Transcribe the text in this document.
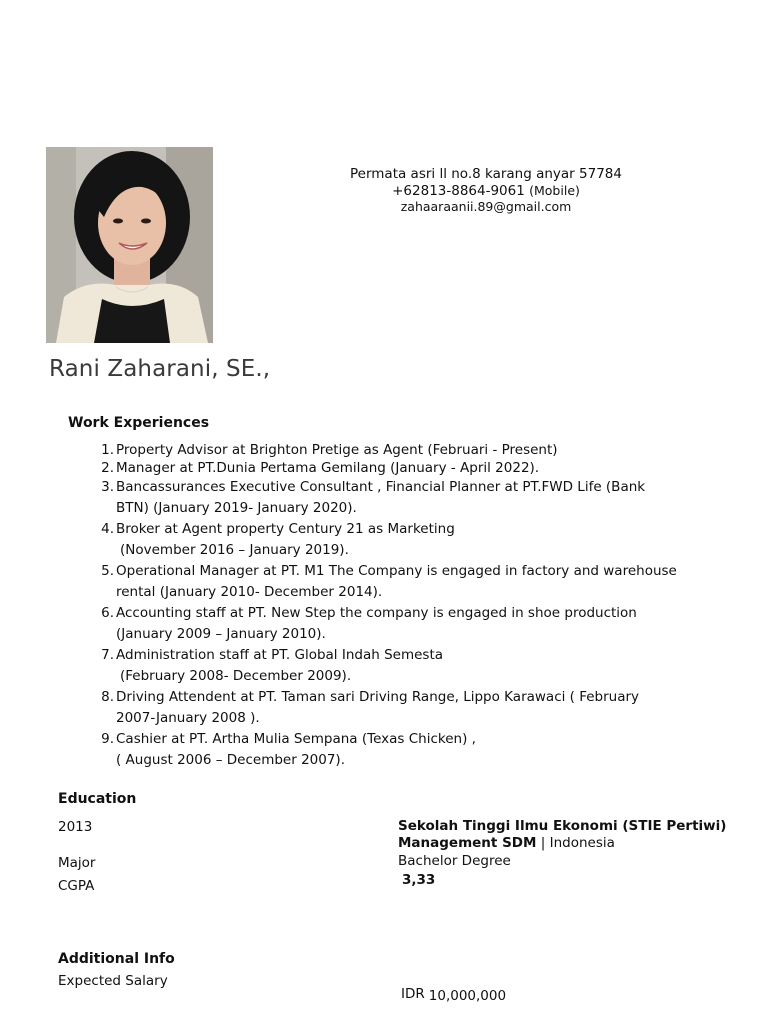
Permata asri ll no.8 karang anyar 57784
+62813-8864-9061 (Mobile)
zahaaraanii.89@gmail.com
Rani Zaharani, SE.,
Work Experiences
1. Property Advisor at Brighton Pretige as Agent (Februari - Present)
2. Manager at PT.Dunia Pertama Gemilang (January - April 2022).
3. Bancassurances Executive Consultant , Financial Planner at PT.FWD Life (Bank
BTN) (January 2019- January 2020).
4. Broker at Agent property Century 21 as Marketing
(November 2016 – January 2019).
5. Operational Manager at PT. M1 The Company is engaged in factory and warehouse
rental (January 2010- December 2014).
6. Accounting staff at PT. New Step the company is engaged in shoe production
(January 2009 – January 2010).
7. Administration staff at PT. Global Indah Semesta
(February 2008- December 2009).
8. Driving Attendent at PT. Taman sari Driving Range, Lippo Karawaci ( February
2007-January 2008 ).
9. Cashier at PT. Artha Mulia Sempana (Texas Chicken) ,
( August 2006 – December 2007).
Education
2013
Major
CGPA
Sekolah Tinggi Ilmu Ekonomi (STIE Pertiwi)
Management SDM | Indonesia
Bachelor Degree
3,33
Additional Info
Expected Salary
IDR 10,000,000
